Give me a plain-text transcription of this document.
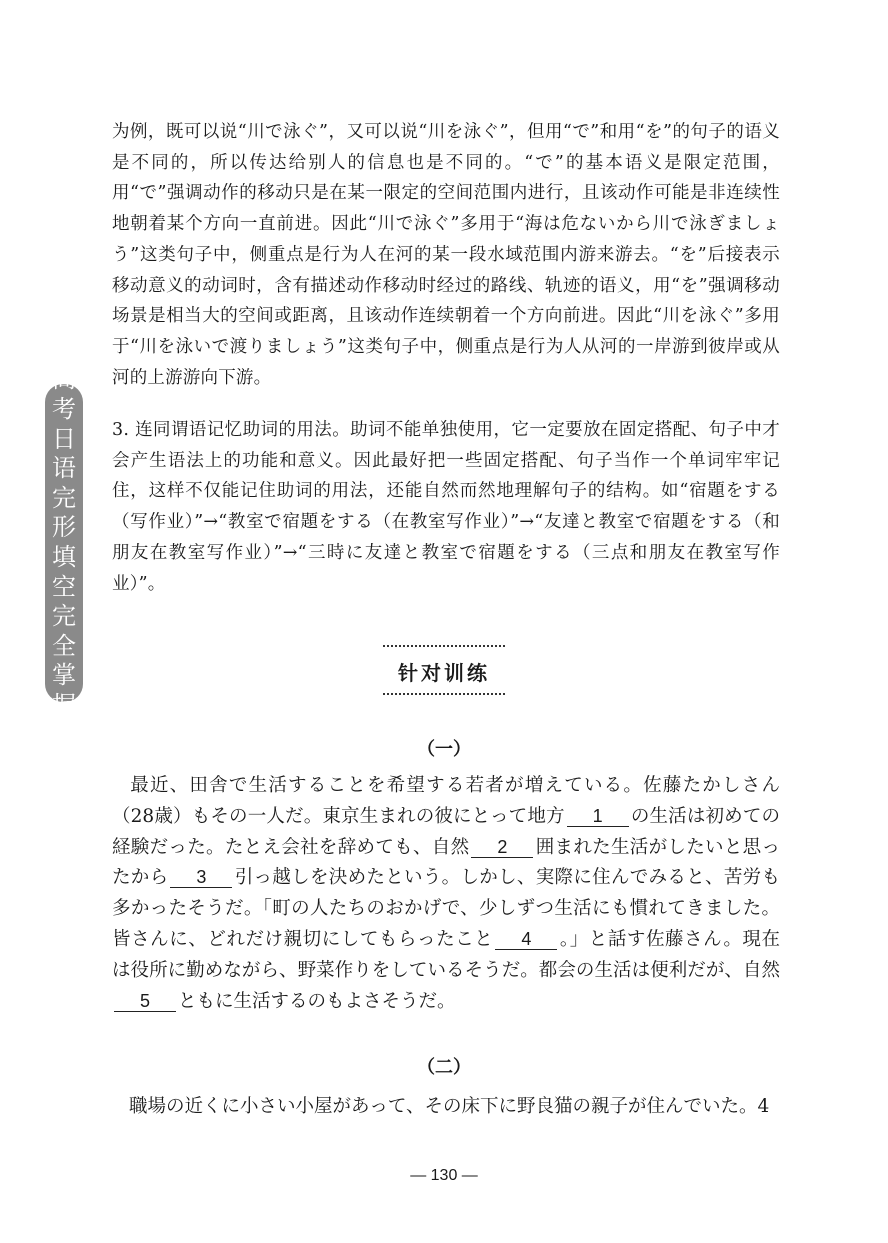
高
考
日
语
完
形
填
空
完
全
掌
握
为例，既可以说“川で泳ぐ”，又可以说“川を泳ぐ”，但用“で”和用“を”的句子的语义是不同的，所以传达给别人的信息也是不同的。“で”的基本语义是限定范围，用“で”强调动作的移动只是在某一限定的空间范围内进行，且该动作可能是非连续性地朝着某个方向一直前进。因此“川で泳ぐ”多用于“海は危ないから川で泳ぎましょう”这类句子中，侧重点是行为人在河的某一段水域范围内游来游去。“を”后接表示 移动意义的动词时，含有描述动作移动时经过的路线、轨迹的语义，用“を”强调移动场景是相当大的空间或距离，且该动作连续朝着一个方向前进。因此“川を泳ぐ”多用于“川を泳いで渡りましょう”这类句子中，侧重点是行为人从河的一岸游到彼岸或从河的上游游向下游。
3. 连同谓语记忆助词的用法。助词不能单独使用，它一定要放在固定搭配、句子中才会产生语法上的功能和意义。因此最好把一些固定搭配、句子当作一个单词牢牢记住，这样不仅能记住助词的用法，还能自然而然地理解句子的结构。如“宿題をする（写作业）”→“教室で宿題をする（在教室写作业）”→“友達と教室で宿題をする（和朋友在教室写作业）”→“三時に友達と教室で宿題をする（三点和朋友在教室写作业）”。
针对训练
（一）
最近、田舎で生活することを希望する若者が増えている。佐藤たかしさん（28歳）もその一人だ。東京生まれの彼にとって地方 1 の生活は初めての経験だった。たとえ会社を辞めても、自然 2 囲まれた生活がしたいと思ったから 3 引っ越しを決めたという。しかし、実際に住んでみると、苦労も多かったそうだ。「町の人たちのおかげで、少しずつ生活にも慣れてきました。皆さんに、どれだけ親切にしてもらったこと 4 。」と話す佐藤さん。現在は役所に勤めながら、野菜作りをしているそうだ。都会の生活は便利だが、自然5 ともに生活するのもよさそうだ。
（二）
職場の近くに小さい小屋があって、その床下に野良猫の親子が住んでいた。4
— 130 —
